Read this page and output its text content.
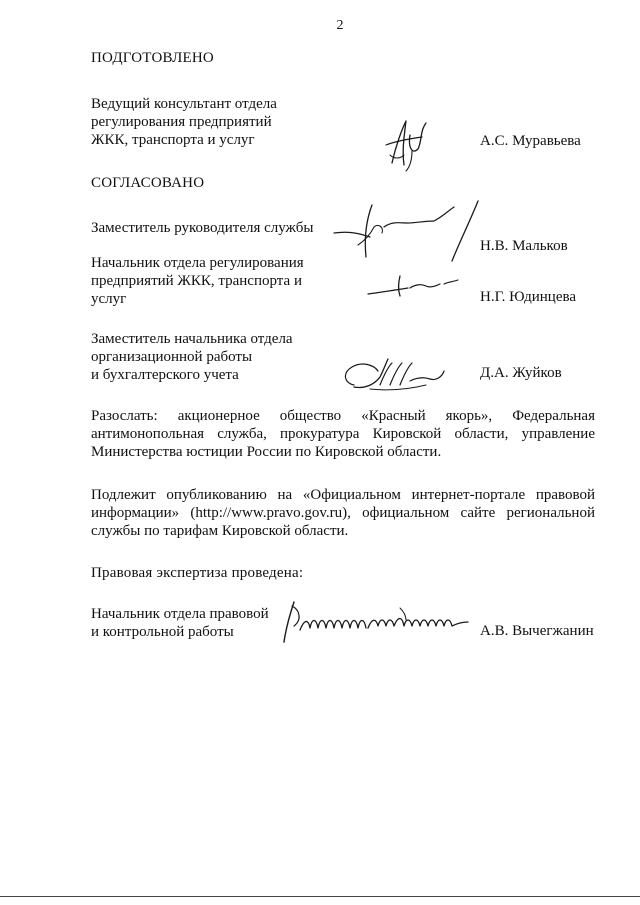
2
ПОДГОТОВЛЕНО
Ведущий консультант отдела
регулирования предприятий
ЖКК, транспорта и услуг	А.С. Муравьева
СОГЛАСОВАНО
Заместитель руководителя службы
Н.В. Мальков
Начальник отдела регулирования
предприятий ЖКК, транспорта и
услуг	Н.Г. Юдинцева
Заместитель начальника отдела
организационной работы
и бухгалтерского учета	Д.А. Жуйков
Разослать: акционерное общество «Красный якорь», Федеральная
антимонопольная служба, прокуратура Кировской области, управление
Министерства юстиции России по Кировской области.
Подлежит опубликованию на «Официальном интернет-портале правовой
информации» (http://www.pravo.gov.ru), официальном сайте региональной
службы по тарифам Кировской области.
Правовая экспертиза проведена:
Начальник отдела правовой
и контрольной работы	А.В. Вычегжанин
